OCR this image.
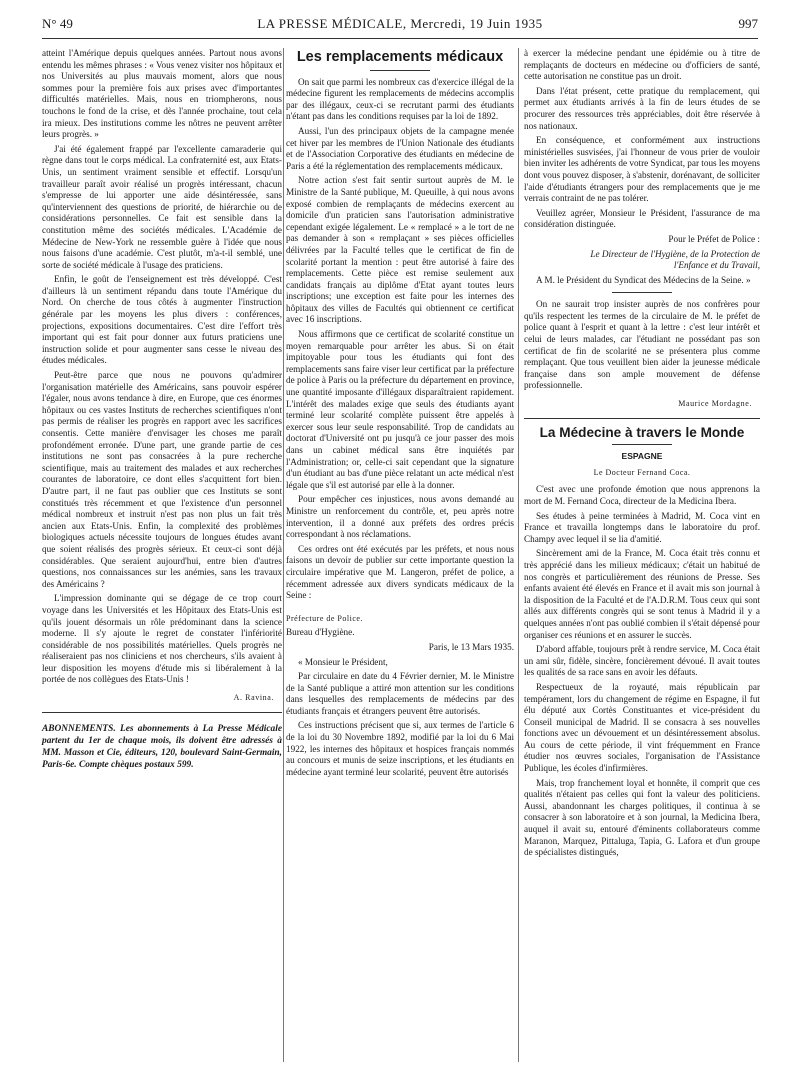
N° 49	LA PRESSE MÉDICALE, Mercredi, 19 Juin 1935	997

atteint l'Amérique depuis quelques années. Partout nous avons entendu les mêmes phrases : « Vous venez visiter nos hôpitaux et nos Universités au plus mauvais moment, alors que nous sommes pour la première fois aux prises avec d'importantes difficultés matérielles. Mais, nous en triompherons, nous touchons le fond de la crise, et dès l'année prochaine, tout cela ira mieux. Des institutions comme les nôtres ne peuvent arrêter leurs progrès. »

J'ai été également frappé par l'excellente camaraderie qui règne dans tout le corps médical. La confraternité est, aux Etats-Unis, un sentiment vraiment sensible et effectif. Lorsqu'un travailleur paraît avoir réalisé un progrès intéressant, chacun s'empresse de lui apporter une aide désintéressée, sans qu'interviennent des questions de priorité, de hiérarchie ou de considérations personnelles. Ce fait est sensible dans la constitution même des sociétés médicales. L'Académie de Médecine de New-York ne ressemble guère à l'idée que nous nous faisons d'une académie. C'est plutôt, m'a-t-il semblé, une sorte de société médicale à l'usage des praticiens.

Enfin, le goût de l'enseignement est très développé. C'est d'ailleurs là un sentiment répandu dans toute l'Amérique du Nord. On cherche de tous côtés à augmenter l'instruction générale par les moyens les plus divers : conférences, projections, expositions documentaires. C'est dire l'effort très important qui est fait pour donner aux futurs praticiens une instruction solide et pour augmenter sans cesse le niveau des études médicales.

Peut-être parce que nous ne pouvons qu'admirer l'organisation matérielle des Américains, sans pouvoir espérer l'égaler, nous avons tendance à dire, en Europe, que ces énormes hôpitaux ou ces vastes Instituts de recherches scientifiques n'ont pas permis de réaliser les progrès en rapport avec les sacrifices consentis. Cette manière d'envisager les choses me paraît profondément erronée. D'une part, une grande partie de ces institutions ne sont pas consacrées à la pure recherche scientifique, mais au traitement des malades et aux recherches courantes de laboratoire, ce dont elles s'acquittent fort bien. D'autre part, il ne faut pas oublier que ces Instituts se sont constitués très récemment et que l'existence d'un personnel médical nombreux et instruit n'est pas non plus un fait très ancien aux Etats-Unis. Enfin, la complexité des problèmes biologiques actuels nécessite toujours de longues études avant que soient réalisés des progrès sérieux. Et ceux-ci sont déjà considérables. Que seraient aujourd'hui, entre bien d'autres questions, nos connaissances sur les anémies, sans les travaux des Américains ?

L'impression dominante qui se dégage de ce trop court voyage dans les Universités et les Hôpitaux des Etats-Unis est qu'ils jouent désormais un rôle prédominant dans la science moderne. Il s'y ajoute le regret de constater l'infériorité considérable de nos possibilités matérielles. Quels progrès ne réaliseraient pas nos cliniciens et nos chercheurs, s'ils avaient à leur disposition les moyens d'étude mis si libéralement à la portée de nos collègues des Etats-Unis !

A. Ravina.
ABONNEMENTS. Les abonnements à La Presse Médicale partent du 1er de chaque mois, ils doivent être adressés à MM. Masson et Cie, éditeurs, 120, boulevard Saint-Germain, Paris-6e. Compte chèques postaux 599.
Les remplacements médicaux

On sait que parmi les nombreux cas d'exercice illégal de la médecine figurent les remplacements de médecins accomplis par des illégaux, ceux-ci se recrutant parmi des étudiants n'étant pas dans les conditions requises par la loi de 1892.

Aussi, l'un des principaux objets de la campagne menée cet hiver par les membres de l'Union Nationale des étudiants et de l'Association Corporative des étudiants en médecine de Paris a été la réglementation des remplacements médicaux.

Notre action s'est fait sentir surtout auprès de M. le Ministre de la Santé publique, M. Queuille, à qui nous avons exposé combien de remplaçants de médecins exercent au domicile d'un praticien sans l'autorisation administrative cependant exigée légalement. Le « remplacé » a le tort de ne pas demander à son « remplaçant » ses pièces officielles délivrées par la Faculté telles que le certificat de fin de scolarité portant la mention : peut être autorisé à faire des remplacements. Cette pièce est remise seulement aux candidats français au diplôme d'Etat ayant toutes leurs inscriptions; une exception est faite pour les internes des hôpitaux des villes de Facultés qui obtiennent ce certificat avec 16 inscriptions.

Nous affirmons que ce certificat de scolarité constitue un moyen remarquable pour arrêter les abus. Si on était impitoyable pour tous les étudiants qui font des remplacements sans faire viser leur certificat par la préfecture de police à Paris ou la préfecture du département en province, une quantité imposante d'illégaux disparaîtraient rapidement. L'intérêt des malades exige que seuls des étudiants ayant terminé leur scolarité complète puissent être appelés à exercer sous leur seule responsabilité. Trop de candidats au doctorat d'Université ont pu jusqu'à ce jour passer des mois dans un cabinet médical sans être inquiétés par l'Administration; or, celle-ci sait cependant que la signature d'un étudiant au bas d'une pièce relatant un acte médical n'est légale que s'il est autorisé par elle à la donner.

Pour empêcher ces injustices, nous avons demandé au Ministre un renforcement du contrôle, et, peu après notre intervention, il a donné aux préfets des ordres précis correspondant à nos réclamations.

Ces ordres ont été exécutés par les préfets, et nous nous faisons un devoir de publier sur cette importante question la circulaire impérative que M. Langeron, préfet de police, a récemment adressée aux divers syndicats médicaux de la Seine :

Préfecture de Police.

Bureau d'Hygiène.

Paris, le 13 Mars 1935.

« Monsieur le Président,

Par circulaire en date du 4 Février dernier, M. le Ministre de la Santé publique a attiré mon attention sur les conditions dans lesquelles des remplacements de médecins par des étudiants français et étrangers peuvent être autorisés.

Ces instructions précisent que si, aux termes de l'article 6 de la loi du 30 Novembre 1892, modifié par la loi du 6 Mai 1922, les internes des hôpitaux et hospices français nommés au concours et munis de seize inscriptions, et les étudiants en médecine ayant terminé leur scolarité, peuvent être autorisés

à exercer la médecine pendant une épidémie ou à titre de remplaçants de docteurs en médecine ou d'officiers de santé, cette autorisation ne constitue pas un droit.

Dans l'état présent, cette pratique du remplacement, qui permet aux étudiants arrivés à la fin de leurs études de se procurer des ressources très appréciables, doit être réservée à nos nationaux.

En conséquence, et conformément aux instructions ministérielles susvisées, j'ai l'honneur de vous prier de vouloir bien inviter les adhérents de votre Syndicat, par tous les moyens dont vous pouvez disposer, à s'abstenir, dorénavant, de solliciter l'aide d'étudiants étrangers pour des remplacements que je me verrais contraint de ne pas tolérer.

Veuillez agréer, Monsieur le Président, l'assurance de ma considération distinguée.

Pour le Préfet de Police :

Le Directeur de l'Hygiène, de la Protection de l'Enfance et du Travail,

A M. le Président du Syndicat des Médecins de la Seine. »

On ne saurait trop insister auprès de nos confrères pour qu'ils respectent les termes de la circulaire de M. le préfet de police quant à l'esprit et quant à la lettre : c'est leur intérêt et celui de leurs malades, car l'étudiant ne possédant pas son certificat de fin de scolarité ne se présentera plus comme remplaçant. Que tous veuillent bien aider la jeunesse médicale française dans son ample mouvement de défense professionnelle.

Maurice Mordagne.
La Médecine à travers le Monde
ESPAGNE
Le Docteur Fernand Coca.

C'est avec une profonde émotion que nous apprenons la mort de M. Fernand Coca, directeur de la Medicina Ibera.

Ses études à peine terminées à Madrid, M. Coca vint en France et travailla longtemps dans le laboratoire du prof. Champy avec lequel il se lia d'amitié.

Sincèrement ami de la France, M. Coca était très connu et très apprécié dans les milieux médicaux; c'était un habitué de nos congrès et particulièrement des réunions de Presse. Ses enfants avaient été élevés en France et il avait mis son journal à la disposition de la Faculté et de l'A.D.R.M. Tous ceux qui sont allés aux différents congrès qui se sont tenus à Madrid il y a quelques années n'ont pas oublié combien il s'était dépensé pour organiser ces réunions et en assurer le succès.

D'abord affable, toujours prêt à rendre service, M. Coca était un ami sûr, fidèle, sincère, foncièrement dévoué. Il avait toutes les qualités de sa race sans en avoir les défauts.

Respectueux de la royauté, mais républicain par tempérament, lors du changement de régime en Espagne, il fut élu député aux Cortès Constituantes et vice-président du Conseil municipal de Madrid. Il se consacra à ses nouvelles fonctions avec un dévouement et un désintéressement absolus. Au cours de cette période, il vint fréquemment en France étudier nos œuvres sociales, l'organisation de l'Assistance Publique, les écoles d'infirmières.

Mais, trop franchement loyal et honnête, il comprit que ces qualités n'étaient pas celles qui font la valeur des politiciens. Aussi, abandonnant les charges politiques, il continua à se consacrer à son laboratoire et à son journal, la Medicina Ibera, auquel il avait su, entouré d'éminents collaborateurs comme Maranon, Marquez, Pittaluga, Tapia, G. Lafora et d'un groupe de spécialistes distingués,
